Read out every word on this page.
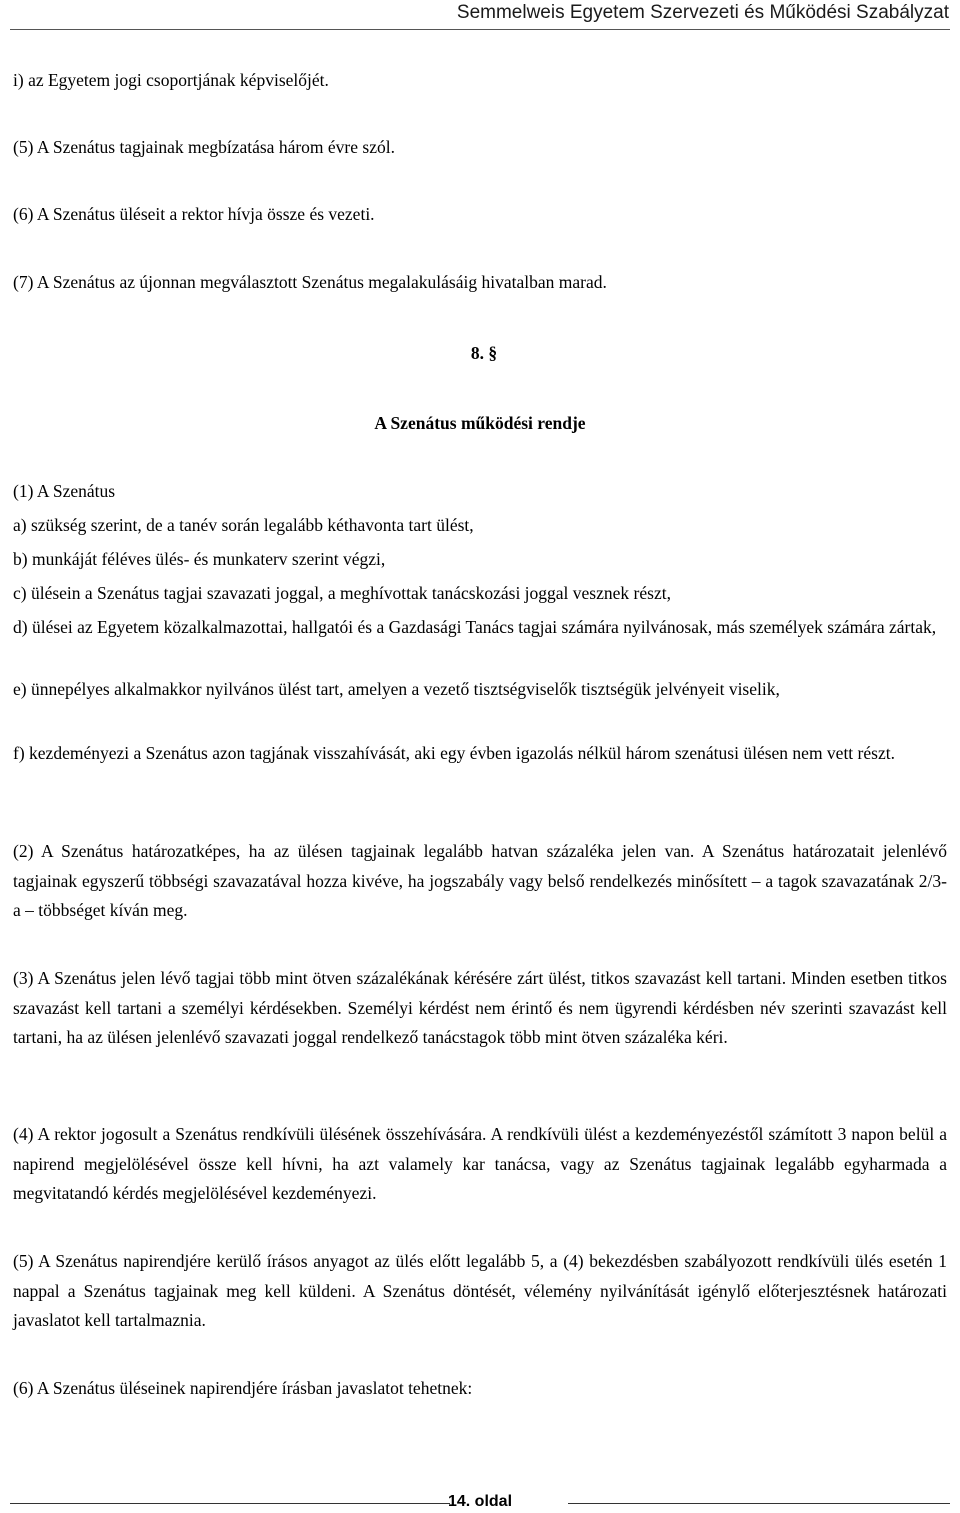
Semmelweis Egyetem Szervezeti és Működési Szabályzat

i) az Egyetem jogi csoportjának képviselőjét.

(5) A Szenátus tagjainak megbízatása három évre szól.

(6) A Szenátus üléseit a rektor hívja össze és vezeti.

(7) A Szenátus az újonnan megválasztott Szenátus megalakulásáig hivatalban marad.

8. §

A Szenátus működési rendje

(1) A Szenátus

a) szükség szerint, de a tanév során legalább kéthavonta tart ülést,

b) munkáját féléves ülés- és munkaterv szerint végzi,

c) ülésein a Szenátus tagjai szavazati joggal, a meghívottak tanácskozási joggal vesznek részt,

d) ülései az Egyetem közalkalmazottai, hallgatói és a Gazdasági Tanács tagjai számára nyilvánosak, más személyek számára zártak,

e) ünnepélyes alkalmakkor nyilvános ülést tart, amelyen a vezető tisztségviselők tisztségük jelvényeit viselik,

f) kezdeményezi a Szenátus azon tagjának visszahívását, aki egy évben igazolás nélkül három szenátusi ülésen nem vett részt.

(2) A Szenátus határozatképes, ha az ülésen tagjainak legalább hatvan százaléka jelen van. A Szenátus határozatait jelenlévő tagjainak egyszerű többségi szavazatával hozza kivéve, ha jogszabály vagy belső rendelkezés minősített – a tagok szavazatának 2/3-a – többséget kíván meg.

(3) A Szenátus jelen lévő tagjai több mint ötven százalékának kérésére zárt ülést, titkos szavazást kell tartani. Minden esetben titkos szavazást kell tartani a személyi kérdésekben. Személyi kérdést nem érintő és nem ügyrendi kérdésben név szerinti szavazást kell tartani, ha az ülésen jelenlévő szavazati joggal rendelkező tanácstagok több mint ötven százaléka kéri.

(4) A rektor jogosult a Szenátus rendkívüli ülésének összehívására. A rendkívüli ülést a kezdeményezéstől számított 3 napon belül a napirend megjelölésével össze kell hívni, ha azt valamely kar tanácsa, vagy az Szenátus tagjainak legalább egyharmada a megvitatandó kérdés megjelölésével kezdeményezi.

(5) A Szenátus napirendjére kerülő írásos anyagot az ülés előtt legalább 5, a (4) bekezdésben szabályozott rendkívüli ülés esetén 1 nappal a Szenátus tagjainak meg kell küldeni. A Szenátus döntését, vélemény nyilvánítását igénylő előterjesztésnek határozati javaslatot kell tartalmaznia.

(6) A Szenátus üléseinek napirendjére írásban javaslatot tehetnek:

14. oldal
